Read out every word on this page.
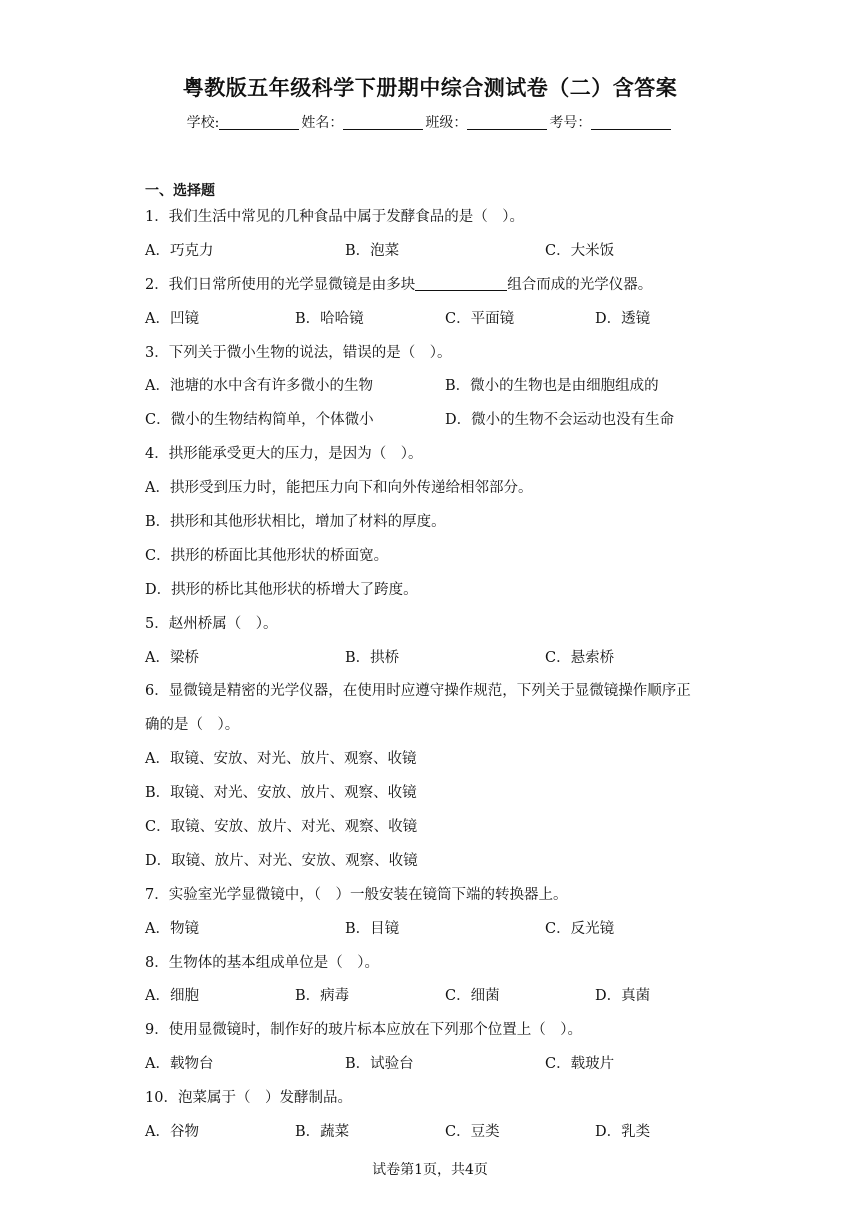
粤教版五年级科学下册期中综合测试卷（二）含答案
学校:	姓名：	班级：	考号：
一、选择题
1．我们生活中常见的几种食品中属于发酵食品的是（　）。
A．巧克力	B．泡菜	C．大米饭
2．我们日常所使用的光学显微镜是由多块	组合而成的光学仪器。
A．凹镜	B．哈哈镜	C．平面镜	D．透镜
3．下列关于微小生物的说法，错误的是（　）。
A．池塘的水中含有许多微小的生物	B．微小的生物也是由细胞组成的
C．微小的生物结构简单，个体微小	D．微小的生物不会运动也没有生命
4．拱形能承受更大的压力，是因为（　）。
A．拱形受到压力时，能把压力向下和向外传递给相邻部分。
B．拱形和其他形状相比，增加了材料的厚度。
C．拱形的桥面比其他形状的桥面宽。
D．拱形的桥比其他形状的桥增大了跨度。
5．赵州桥属（　）。
A．梁桥	B．拱桥	C．悬索桥
6．显微镜是精密的光学仪器，在使用时应遵守操作规范，下列关于显微镜操作顺序正
确的是（　）。
A．取镜、安放、对光、放片、观察、收镜
B．取镜、对光、安放、放片、观察、收镜
C．取镜、安放、放片、对光、观察、收镜
D．取镜、放片、对光、安放、观察、收镜
7．实验室光学显微镜中，（　）一般安装在镜筒下端的转换器上。
A．物镜	B．目镜	C．反光镜
8．生物体的基本组成单位是（　）。
A．细胞	B．病毒	C．细菌	D．真菌
9．使用显微镜时，制作好的玻片标本应放在下列那个位置上（　）。
A．载物台	B．试验台	C．载玻片
10．泡菜属于（　）发酵制品。
A．谷物	B．蔬菜	C．豆类	D．乳类
试卷第1页，共4页
